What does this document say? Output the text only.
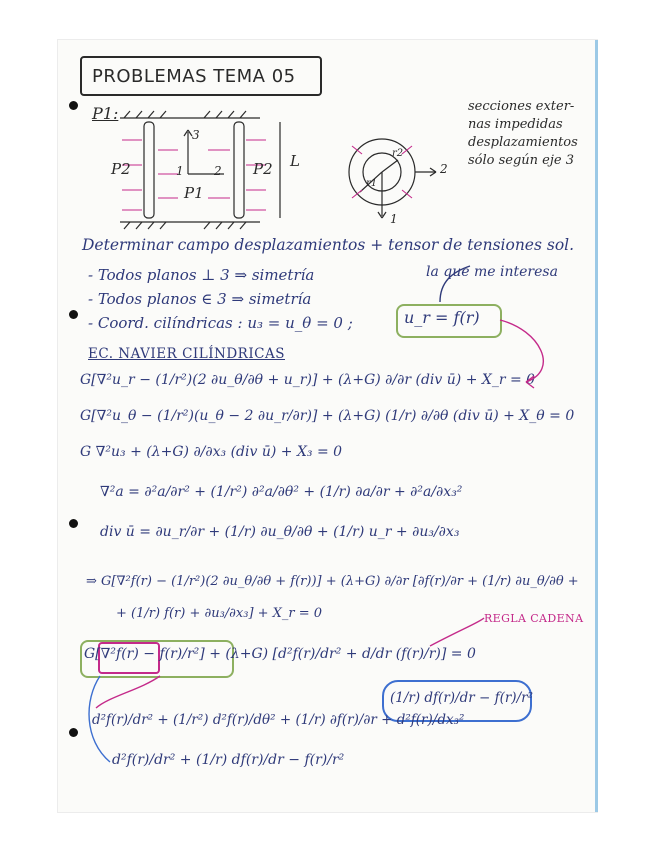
PROBLEMAS TEMA 05
P1:
P2	P2
P1
3
1	2
L	2
1
r2
r1
secciones exter-
nas impedidas
desplazamientos
sólo según eje 3
Determinar campo desplazamientos + tensor de tensiones sol.
- Todos planos ⊥ 3 ⇒ simetría
- Todos planos ∈ 3 ⇒ simetría
- Coord. cilíndricas : u₃ = u_θ = 0 ;
la que me interesa
u_r = f(r)
EC. NAVIER CILÍNDRICAS
G[∇²u_r − (1/r²)(2 ∂u_θ/∂θ + u_r)] + (λ+G) ∂/∂r (div ū) + X_r = 0
G[∇²u_θ − (1/r²)(u_θ − 2 ∂u_r/∂r)] + (λ+G) (1/r) ∂/∂θ (div ū) + X_θ = 0
G ∇²u₃ + (λ+G) ∂/∂x₃ (div ū) + X₃ = 0
∇²a = ∂²a/∂r² + (1/r²) ∂²a/∂θ² + (1/r) ∂a/∂r + ∂²a/∂x₃²
div ū = ∂u_r/∂r + (1/r) ∂u_θ/∂θ + (1/r) u_r + ∂u₃/∂x₃
⇒ G[∇²f(r) − (1/r²)(2 ∂u_θ/∂θ + f(r))] + (λ+G) ∂/∂r [∂f(r)/∂r + (1/r) ∂u_θ/∂θ +
+ (1/r) f(r) + ∂u₃/∂x₃] + X_r = 0	REGLA CADENA
G[∇²f(r) − f(r)/r²] + (λ+G) [d²f(r)/dr² + d/dr (f(r)/r)] = 0
(1/r) df(r)/dr − f(r)/r²
d²f(r)/dr² + (1/r²) d²f(r)/dθ² + (1/r) ∂f(r)/∂r + d²f(r)/dx₃²
d²f(r)/dr² + (1/r) df(r)/dr − f(r)/r²
